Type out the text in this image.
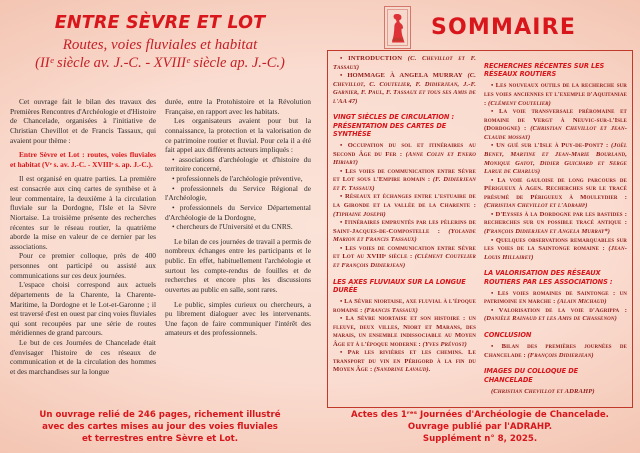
ENTRE SÈVRE ET LOT
Routes, voies fluviales et habitat
(IIᵉ siècle av. J.-C. - XVIIIᵉ siècle ap. J.-C.)

Cet ouvrage fait le bilan des travaux des Premières Rencontres d'Archéologie et d'Histoire de Chancelade, organisées à l'initiative de Christian Chevillot et de Francis Tassaux, qui avaient pour thème :

Entre Sèvre et Lot : routes, voies fluviales et habitat (Vᵉ s. av. J.-C. - XVIIIᵉ s. ap. J.-C.).

Il est organisé en quatre parties. La première est consacrée aux cinq cartes de synthèse et à leur commentaire, la deuxième à la circulation fluviale sur la Dordogne, l'Isle et la Sèvre Niortaise. La troisième présente des recherches récentes sur le réseau routier, la quatrième aborde la mise en valeur de ce dernier par les associations.

Pour ce premier colloque, près de 400 personnes ont participé ou assisté aux communications sur ces deux journées.

L'espace choisi correspond aux actuels départements de la Charente, la Charente-Maritime, la Dordogne et le Lot-et-Garonne ; il est traversé d'est en ouest par cinq voies fluviales qui sont recoupées par une série de routes méridiennes de grand parcours.

Le but de ces Journées de Chancelade était d'envisager l'histoire de ces réseaux de communication et de la circulation des hommes et des marchandises sur la longue

durée, entre la Protohistoire et la Révolution Française, en rapport avec les habitats.

Les organisateurs avaient pour but la connaissance, la protection et la valorisation de ce patrimoine routier et fluvial. Pour cela il a été fait appel aux différents acteurs impliqués :

• associations d'archéologie et d'histoire du territoire concerné,

• professionnels de l'archéologie préventive,

• professionnels du Service Régional de l'Archéologie,

• professionnels du Service Départemental d'Archéologie de la Dordogne,

• chercheurs de l'Université et du CNRS.

Le bilan de ces journées de travail a permis de nombreux échanges entre les participants et le public. En effet, habituellement l'archéologie et surtout les compte-rendus de fouilles et de recherches et encore plus les discussions ouvertes au public en salle, sont rares.

Le public, simples curieux ou chercheurs, a pu librement dialoguer avec les intervenants. Une façon de faire communiquer l'intérêt des amateurs et des professionnels.

Un ouvrage relié de 246 pages, richement illustré
avec des cartes mises au jour des voies fluviales
et terrestres entre Sèvre et Lot.
SOMMAIRE

• INTRODUCTION (C. Chevillot et F. Tassaux)

• HOMMAGE À ANGELA MURRAY (C. Chevillot, C. Coutelier, F. Didierjean, J.-F. Garnier, F. Paul, F. Tassaux et tous ses Amis de l'AA 47)

VINGT SIÈCLES DE CIRCULATION : PRÉSENTATION DES CARTES DE SYNTHÈSE

• Occupation du sol et itinéraires au Second Âge du Fer : (Anne Colin et Eneko Hiriart)

• Les voies de communication entre Sèvre et Lot sous l'Empire romain : (F. Didierjean et F. Tassaux)

• Réseaux et échanges entre l'estuaire de la Gironde et la vallée de la Charente : (Tiphaine Joseph)

• Itinéraires empruntés par les pèlerins de Saint-Jacques-de-Compostelle : (Yolande Marion et Francis Tassaux)

• Les voies de communication entre Sèvre et Lot au XVIIIᵉ siècle : (Clément Coutelier et François Didierjean)

LES AXES FLUVIAUX SUR LA LONGUE DURÉE

• La Sèvre niortaise, axe fluvial à l'époque romaine : (Francis Tassaux)

• La Sèvre niortaise et son histoire : un fleuve, deux villes, Niort et Marans, des marais, un ensemble indissociable au Moyen Âge et à l'époque moderne : (Yves Prévost)

• Par les rivières et les chemins. Le transport du vin en Périgord à la fin du Moyen Âge : (Sandrine Lavaud).

RECHERCHES RÉCENTES SUR LES RÉSEAUX ROUTIERS

• Les nouveaux outils de la recherche sur les voies anciennes et l'exemple d'Aquitaniae : (Clément Coutelier)

• La voie transversale préromaine et romaine de Vergt à Neuvic-sur-l'Isle (Dordogne) : (Christian Chevillot et Jean-Claude mossat)

• Un gué sur l'Isle à Puy-de-Pont? : (Joël Beney, Martine et Jean-Marie Bourland, Monique Gatot, Didier Guichard et Serge Larue de Charlus)

• La voie gauloise de long parcours de Périgueux à Agen. Recherches sur le tracé présumé de Périgueux à Mouleydier : (Christian Chevillot et l'Adrahp)

• D'Eysses à la Dordogne par les bastides : recherches sur un possible tracé antique : (François Didierjean et Angela Murray*)

• Quelques observations remarquables sur les voies de la Saintonge romaine : (Jean-Louis Hillairet)

LA VALORISATION DES RÉSEAUX ROUTIERS PAR LES ASSOCIATIONS :

• Les voies romaines de Saintonge : un patrimoine en marche : (Alain Michaud)

• Valorisation de la voie d'Agrippa : (Danièle Rainaud et les Amis de Chassenon)

CONCLUSION

• Bilan des premières journées de Chancelade : (François Didierjean)

IMAGES DU COLLOQUE DE CHANCELADE

(Christian Chevillot et ADRAHP)

Actes des 1ʳᵉˢ Journées d'Archéologie de Chancelade.
Ouvrage publié par l'ADRAHP.
Supplément n° 8, 2025.
